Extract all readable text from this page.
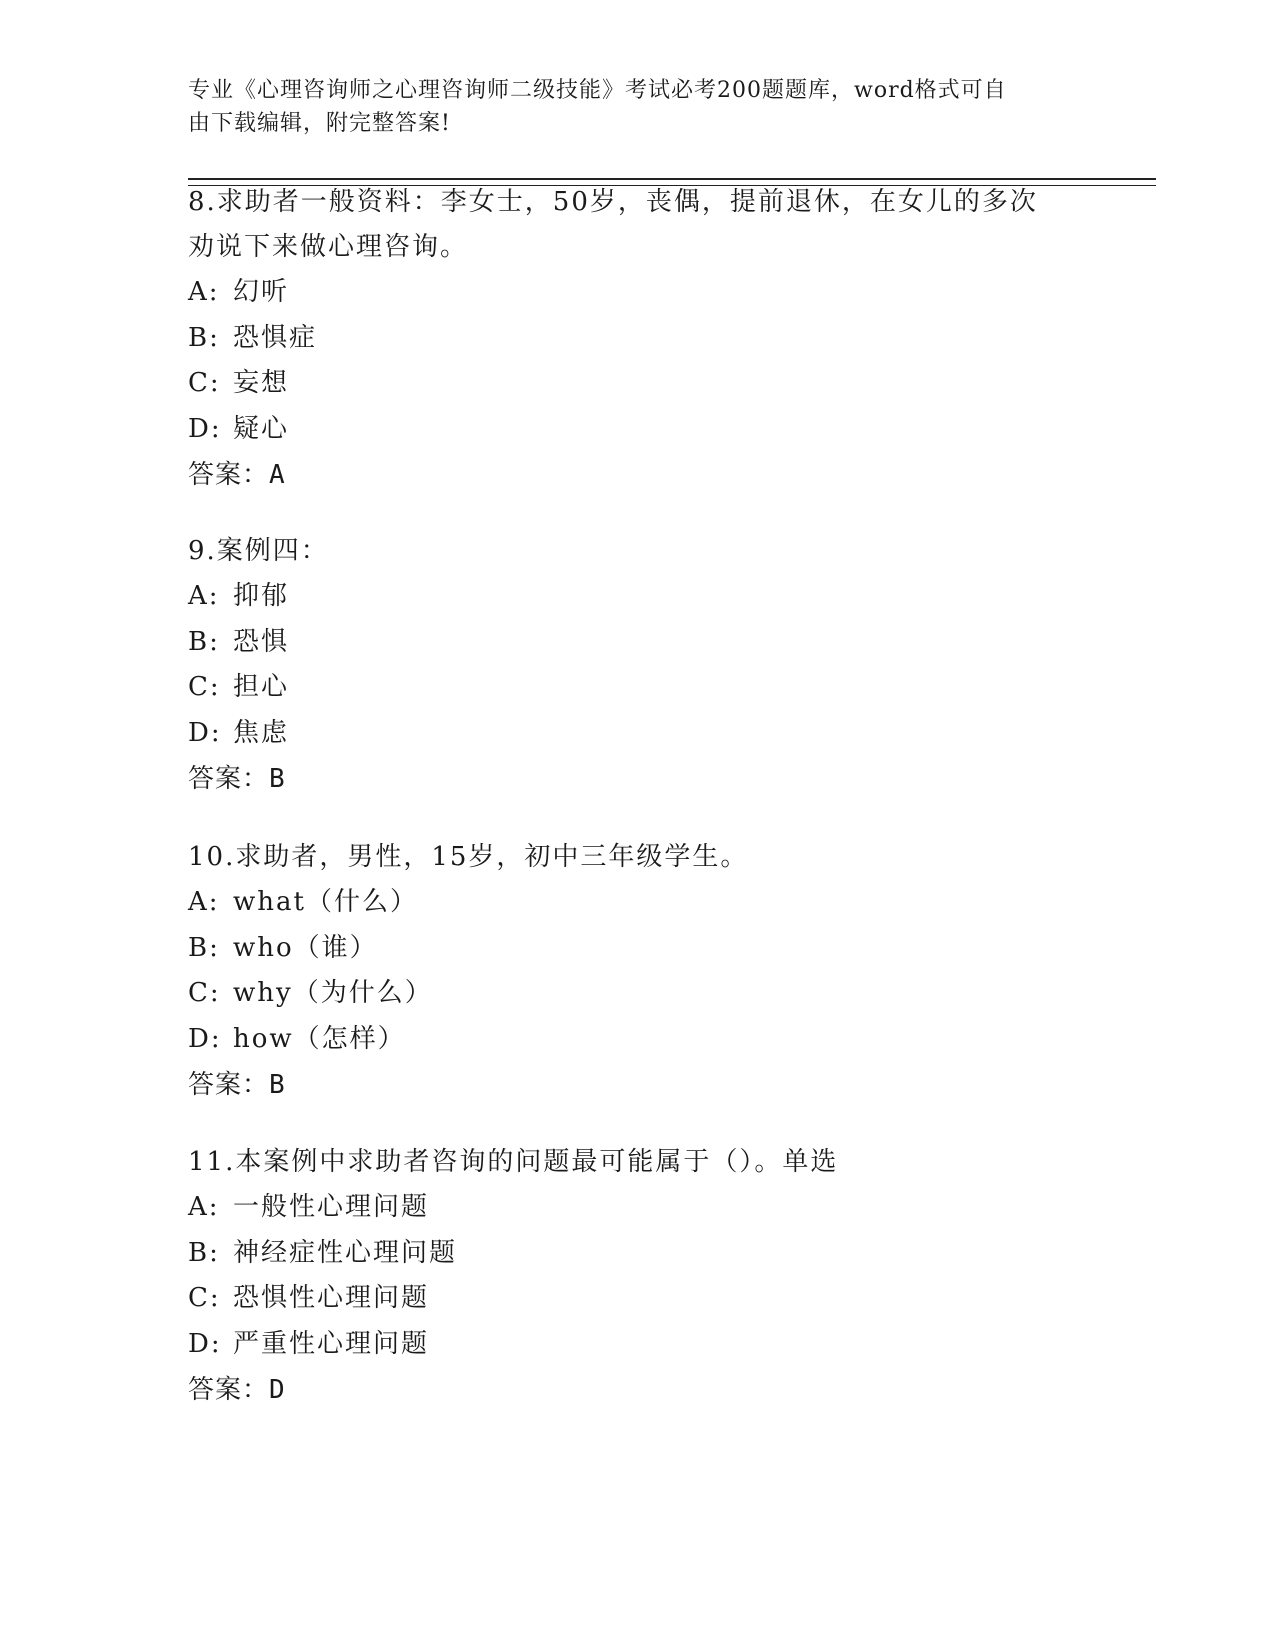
专业《心理咨询师之心理咨询师二级技能》考试必考200题题库，word格式可自
由下载编辑，附完整答案!

8.求助者一般资料：李女士，50岁，丧偶，提前退休，在女儿的多次

劝说下来做心理咨询。

A: 幻听

B: 恐惧症

C: 妄想

D: 疑心

答案：A

9.案例四：

A: 抑郁

B: 恐惧

C: 担心

D: 焦虑

答案：B

10.求助者，男性，15岁，初中三年级学生。

A: what（什么）

B: who（谁）

C: why（为什么）

D: how（怎样）

答案：B

11.本案例中求助者咨询的问题最可能属于（）。单选

A: 一般性心理问题

B: 神经症性心理问题

C: 恐惧性心理问题

D: 严重性心理问题

答案：D
